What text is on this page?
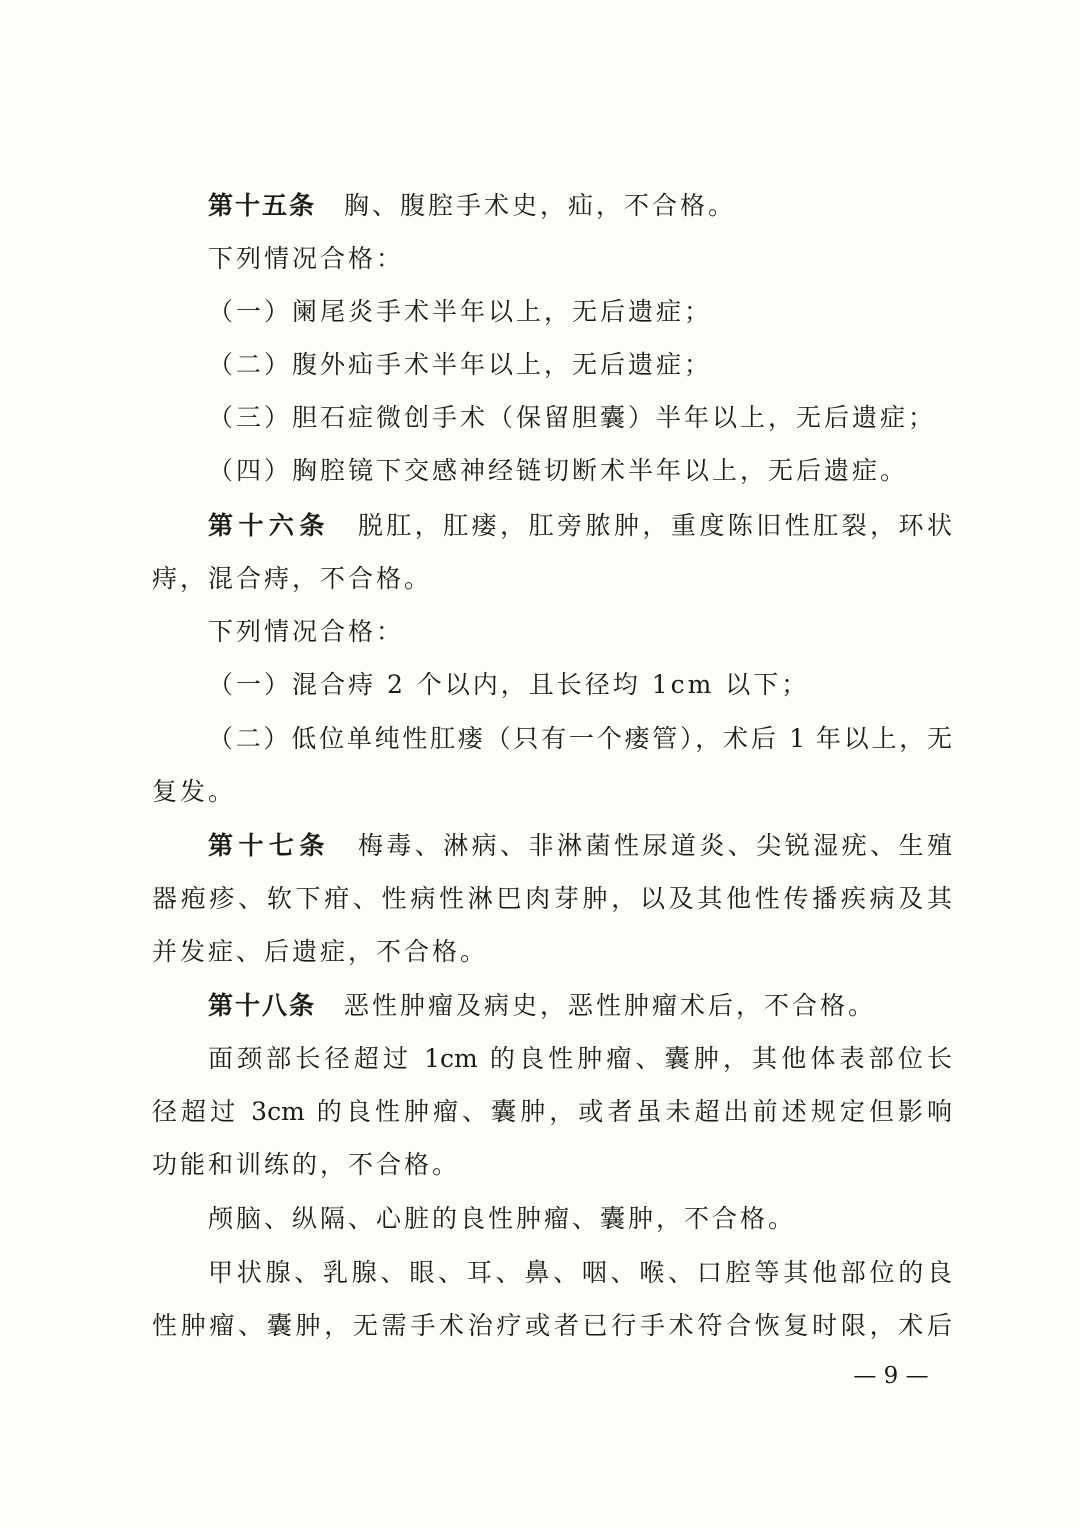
第十五条 胸、腹腔手术史，疝，不合格。
下列情况合格：
（一）阑尾炎手术半年以上，无后遗症；
（二）腹外疝手术半年以上，无后遗症；
（三）胆石症微创手术（保留胆囊）半年以上，无后遗症；
（四）胸腔镜下交感神经链切断术半年以上，无后遗症。
第十六条 脱肛，肛瘘，肛旁脓肿，重度陈旧性肛裂，环状
痔，混合痔，不合格。
下列情况合格：
（一）混合痔 2 个以内，且长径均 1cm 以下；
（二）低位单纯性肛瘘（只有一个瘘管），术后 1 年以上，无
复发。
第十七条 梅毒、淋病、非淋菌性尿道炎、尖锐湿疣、生殖
器疱疹、软下疳、性病性淋巴肉芽肿，以及其他性传播疾病及其
并发症、后遗症，不合格。
第十八条 恶性肿瘤及病史，恶性肿瘤术后，不合格。
面颈部长径超过 1cm 的良性肿瘤、囊肿，其他体表部位长
径超过 3cm 的良性肿瘤、囊肿，或者虽未超出前述规定但影响
功能和训练的，不合格。
颅脑、纵隔、心脏的良性肿瘤、囊肿，不合格。
甲状腺、乳腺、眼、耳、鼻、咽、喉、口腔等其他部位的良
性肿瘤、囊肿，无需手术治疗或者已行手术符合恢复时限，术后
— 9 —
